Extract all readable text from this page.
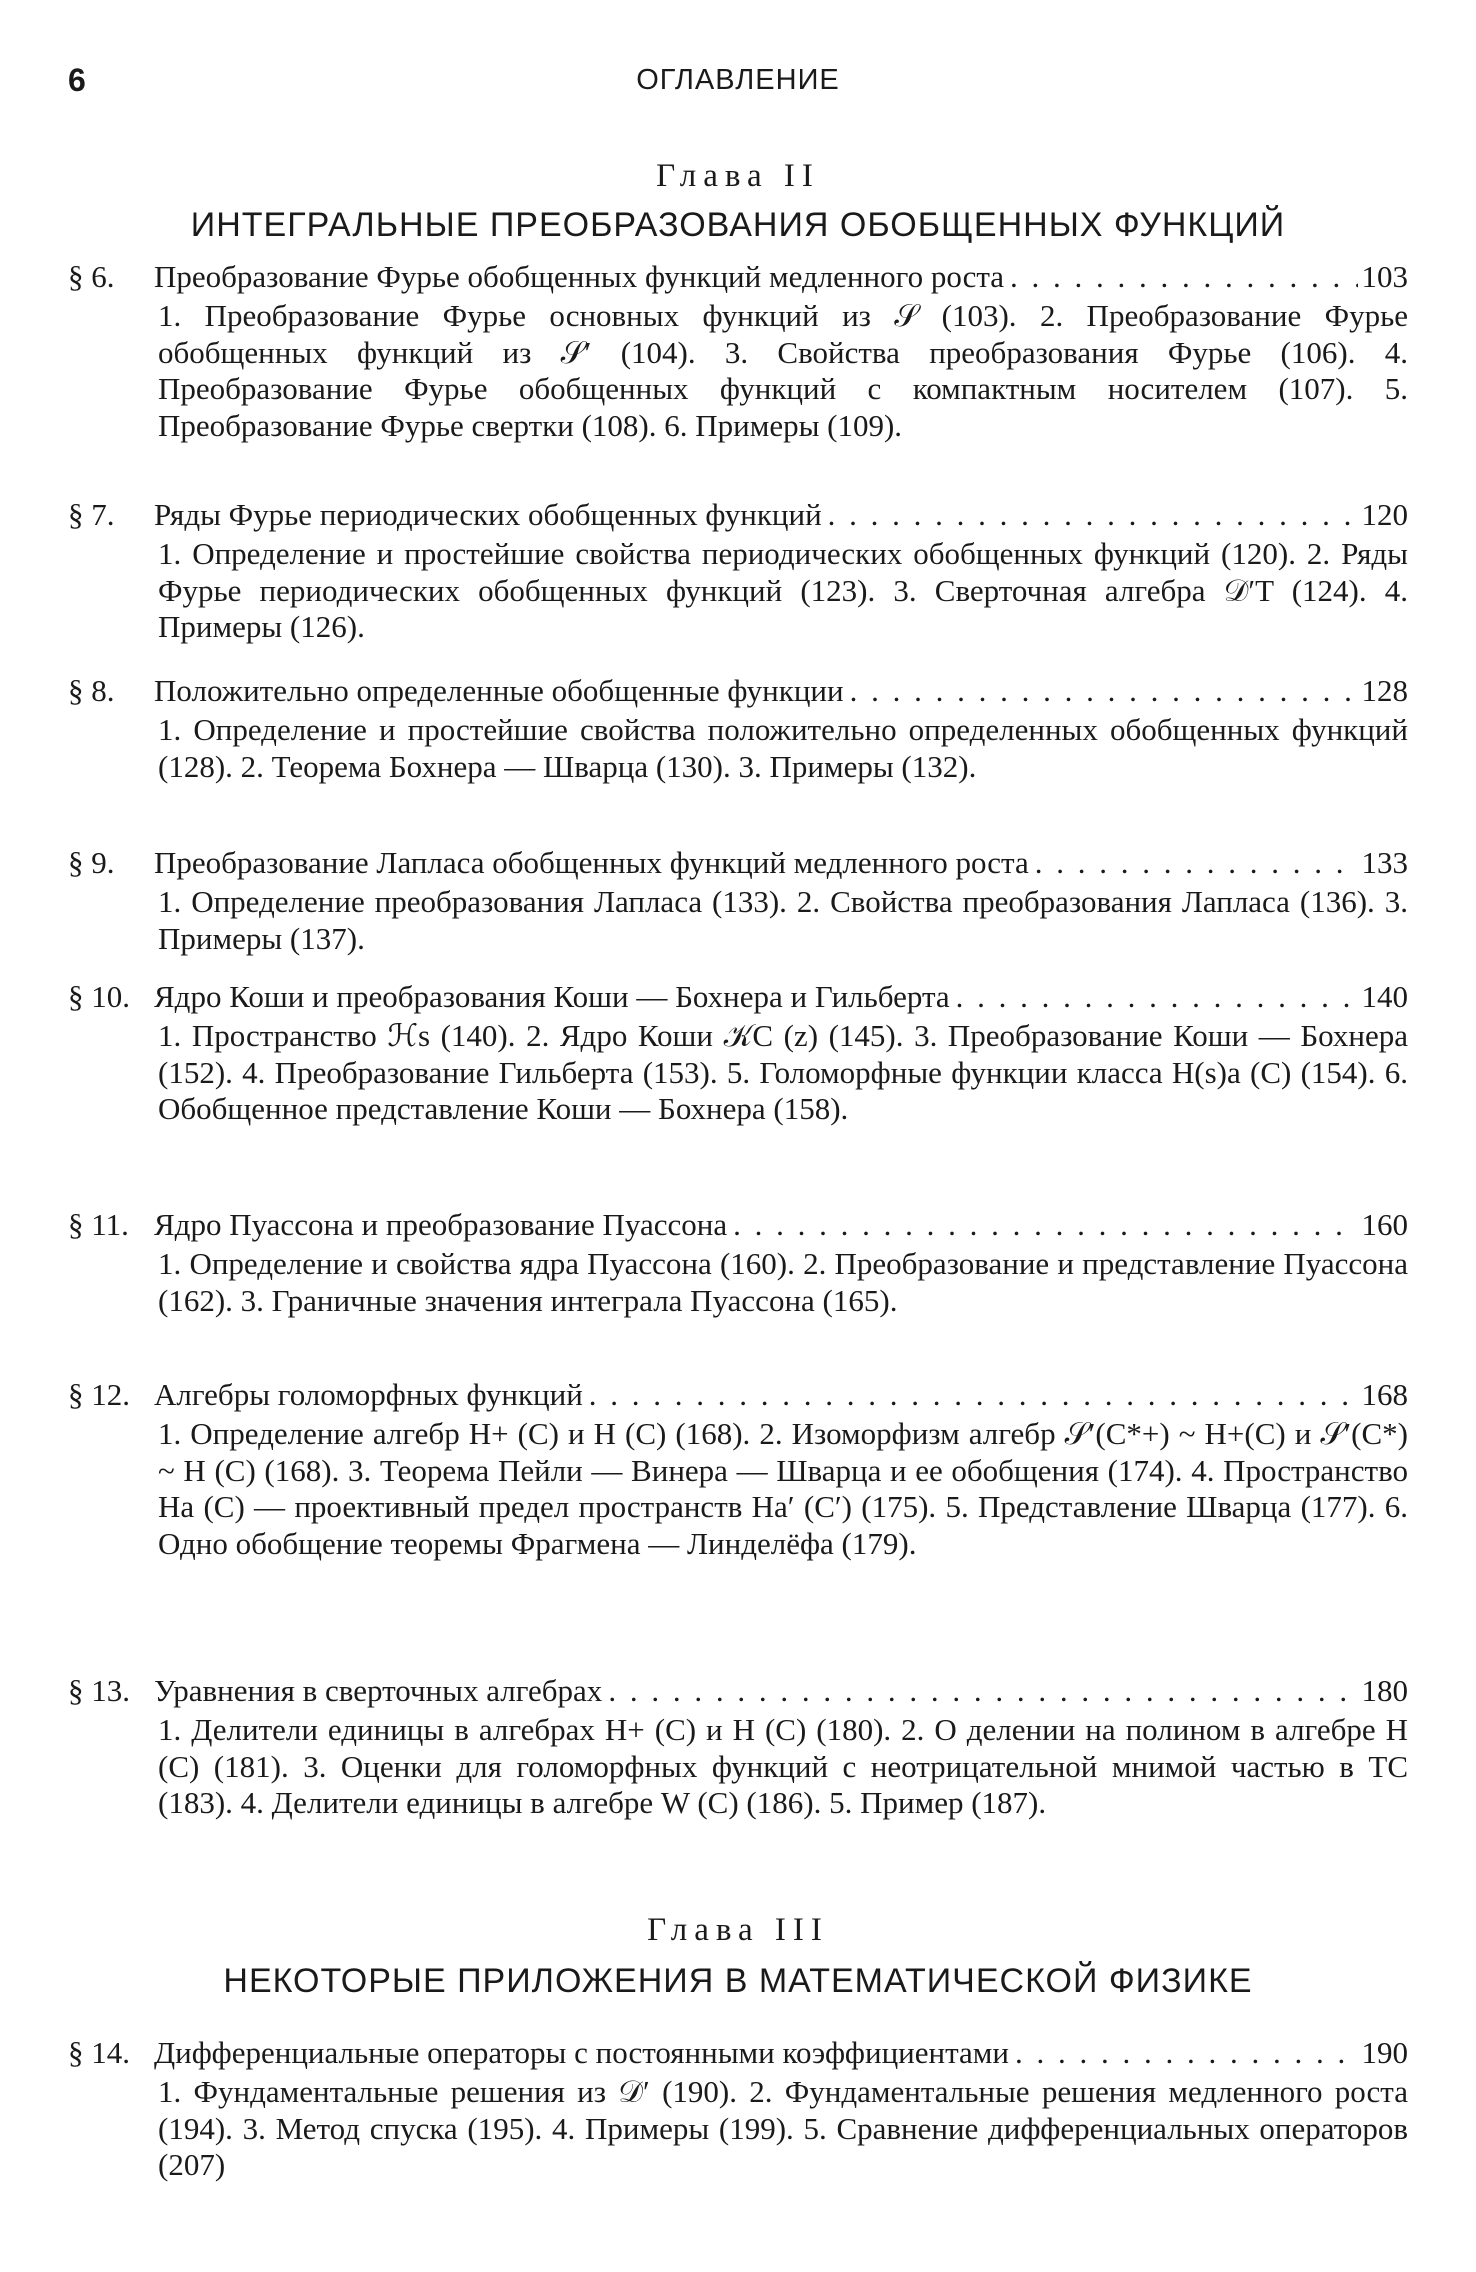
6	ОГЛАВЛЕНИЕ
Глава II
ИНТЕГРАЛЬНЫЕ ПРЕОБРАЗОВАНИЯ ОБОБЩЕННЫХ ФУНКЦИЙ
§ 6. Преобразование Фурье обобщенных функций медленного роста . . .	103
1. Преобразование Фурье основных функций из 𝒮 (103). 2. Преобразование Фурье обобщенных функций из 𝒮′ (104). 3. Свойства преобразования Фурье (106). 4. Преобразование Фурье обобщенных функций с компактным носителем (107). 5. Преобразование Фурье свертки (108). 6. Примеры (109).
§ 7. Ряды Фурье периодических обобщенных функций . . .	120
1. Определение и простейшие свойства периодических обобщенных функций (120). 2. Ряды Фурье периодических обобщенных функций (123). 3. Сверточная алгебра 𝒟′T (124). 4. Примеры (126).
§ 8. Положительно определенные обобщенные функции . . .	128
1. Определение и простейшие свойства положительно определенных обобщенных функций (128). 2. Теорема Бохнера — Шварца (130). 3. Примеры (132).
§ 9. Преобразование Лапласа обобщенных функций медленного роста . . .	133
1. Определение преобразования Лапласа (133). 2. Свойства преобразования Лапласа (136). 3. Примеры (137).
§ 10. Ядро Коши и преобразования Коши — Бохнера и Гильберта . . .	140
1. Пространство ℋs (140). 2. Ядро Коши 𝒦C (z) (145). 3. Преобразование Коши — Бохнера (152). 4. Преобразование Гильберта (153). 5. Голоморфные функции класса H(s)a (C) (154). 6. Обобщенное представление Коши — Бохнера (158).
§ 11. Ядро Пуассона и преобразование Пуассона . . .	160
1. Определение и свойства ядра Пуассона (160). 2. Преобразование и представление Пуассона (162). 3. Граничные значения интеграла Пуассона (165).
§ 12. Алгебры голоморфных функций . . .	168
1. Определение алгебр H+ (C) и H (C) (168). 2. Изоморфизм алгебр 𝒮′(C*+) ~ H+(C) и 𝒮′(C*) ~ H (C) (168). 3. Теорема Пейли — Винера — Шварца и ее обобщения (174). 4. Пространство Ha (C) — проективный предел пространств Ha′ (C′) (175). 5. Представление Шварца (177). 6. Одно обобщение теоремы Фрагмена — Линделёфа (179).
§ 13. Уравнения в сверточных алгебрах . . .	180
1. Делители единицы в алгебрах H+ (C) и H (C) (180). 2. О делении на полином в алгебре H (C) (181). 3. Оценки для голоморфных функций с неотрицательной мнимой частью в TC (183). 4. Делители единицы в алгебре W (C) (186). 5. Пример (187).
Глава III
НЕКОТОРЫЕ ПРИЛОЖЕНИЯ В МАТЕМАТИЧЕСКОЙ ФИЗИКЕ
§ 14. Дифференциальные операторы с постоянными коэффициентами . . .	190
1. Фундаментальные решения из 𝒟′ (190). 2. Фундаментальные решения медленного роста (194). 3. Метод спуска (195). 4. Примеры (199). 5. Сравнение дифференциальных операторов (207)
